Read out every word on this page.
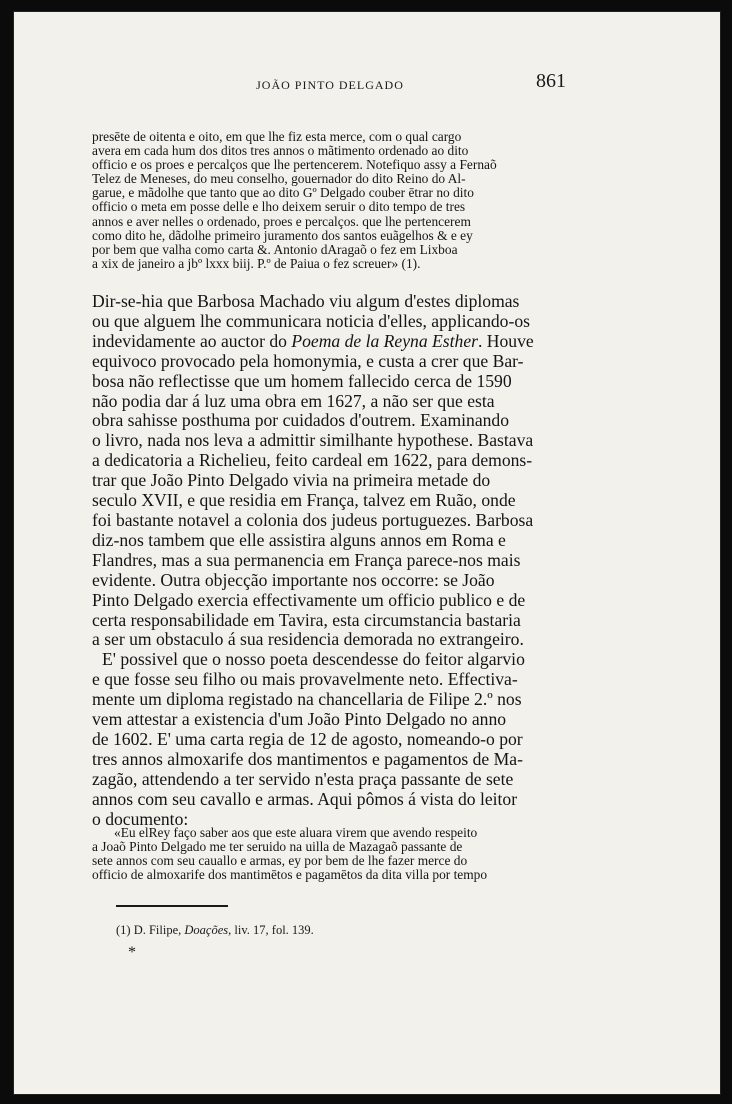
JOÃO PINTO DELGADO	861
presēte de oitenta e oito, em que lhe fiz esta merce, com o qual cargo
avera em cada hum dos ditos tres annos o mãtimento ordenado ao dito
officio e os proes e percalços que lhe pertencerem. Notefiquo assy a Fernaõ
Telez de Meneses, do meu conselho, gouernador do dito Reino do Al-
garue, e mãdolhe que tanto que ao dito Gº Delgado couber ētrar no dito
officio o meta em posse delle e lho deixem seruir o dito tempo de tres
annos e aver nelles o ordenado, proes e percalços. que lhe pertencerem
como dito he, dãdolhe primeiro juramento dos santos euãgelhos & e ey
por bem que valha como carta &. Antonio dAragaõ o fez em Lixboa
a xix de janeiro a jbº lxxx biij. P.º de Paiua o fez screuer» (1).
Dir-se-hia que Barbosa Machado viu algum d'estes diplomas
ou que alguem lhe communicara noticia d'elles, applicando-os
indevidamente ao auctor do Poema de la Reyna Esther. Houve
equivoco provocado pela homonymia, e custa a crer que Bar-
bosa não reflectisse que um homem fallecido cerca de 1590
não podia dar á luz uma obra em 1627, a não ser que esta
obra sahisse posthuma por cuidados d'outrem. Examinando
o livro, nada nos leva a admittir similhante hypothese. Bastava
a dedicatoria a Richelieu, feito cardeal em 1622, para demons-
trar que João Pinto Delgado vivia na primeira metade do
seculo XVII, e que residia em França, talvez em Ruão, onde
foi bastante notavel a colonia dos judeus portuguezes. Barbosa
diz-nos tambem que elle assistira alguns annos em Roma e
Flandres, mas a sua permanencia em França parece-nos mais
evidente. Outra objecção importante nos occorre: se João
Pinto Delgado exercia effectivamente um officio publico e de
certa responsabilidade em Tavira, esta circumstancia bastaria
a ser um obstaculo á sua residencia demorada no extrangeiro.
E' possivel que o nosso poeta descendesse do feitor algarvio
e que fosse seu filho ou mais provavelmente neto. Effectiva-
mente um diploma registado na chancellaria de Filipe 2.º nos
vem attestar a existencia d'um João Pinto Delgado no anno
de 1602. E' uma carta regia de 12 de agosto, nomeando-o por
tres annos almoxarife dos mantimentos e pagamentos de Ma-
zagão, attendendo a ter servido n'esta praça passante de sete
annos com seu cavallo e armas. Aqui pômos á vista do leitor
o documento:
«Eu elRey faço saber aos que este aluara virem que avendo respeito
a Joaõ Pinto Delgado me ter seruido na uilla de Mazagaõ passante de
sete annos com seu cauallo e armas, ey por bem de lhe fazer merce do
officio de almoxarife dos mantimētos e pagamētos da dita villa por tempo
(1) D. Filipe, Doações, liv. 17, fol. 139.
*
